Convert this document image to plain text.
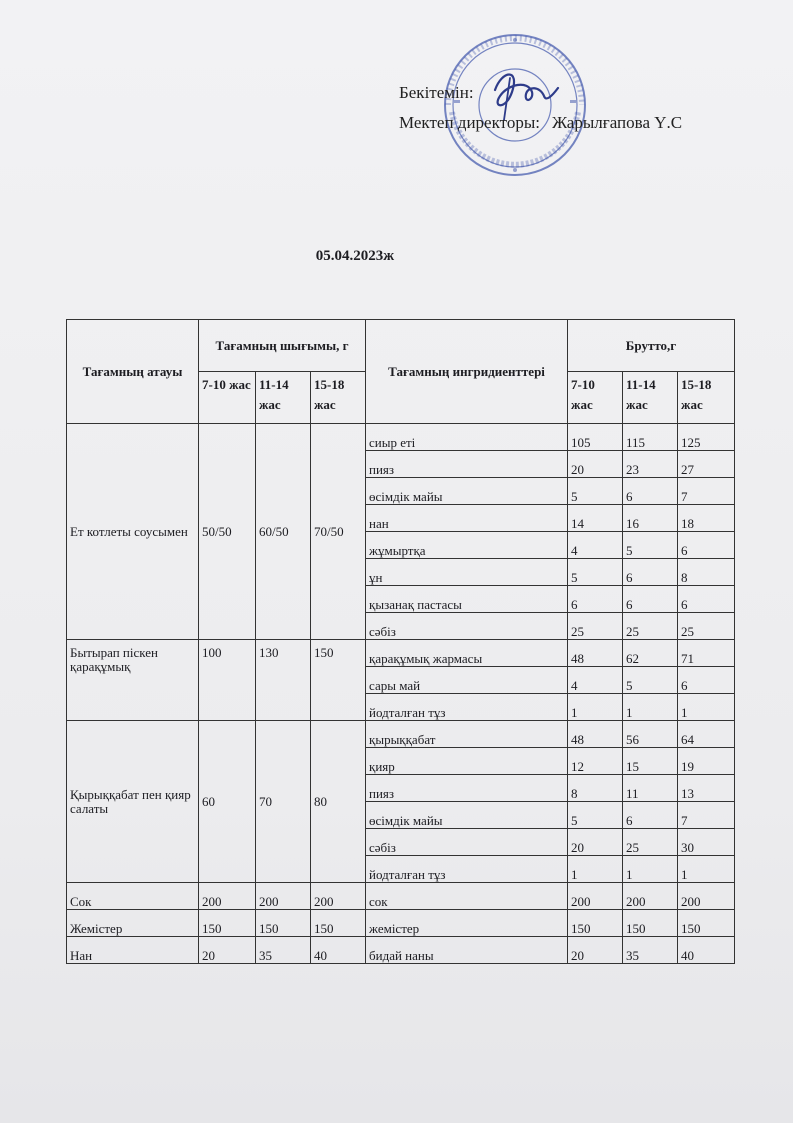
Бекітемін:
Мектеп директоры: Жарылғапова Ү.С
05.04.2023ж
Тағамның атауы	Тағамның шығымы, г			Тағамның ингридиенттері	Брутто,г		
	7-10 жас	11-14 жас	15-18 жас		7-10 жас	11-14 жас	15-18 жас
Ет котлеты соусымен	50/50	60/50	70/50	сиыр еті	105	115	125
				пияз	20	23	27
				өсімдік майы	5	6	7
				нан	14	16	18
				жұмыртқа	4	5	6
				ұн	5	6	8
				қызанақ пастасы	6	6	6
				сәбіз	25	25	25
Бытырап піскен қарақұмық	100	130	150	қарақұмық жармасы	48	62	71
				сары май	4	5	6
				йодталған тұз	1	1	1
Қырыққабат пен қияр салаты	60	70	80	қырыққабат	48	56	64
				қияр	12	15	19
				пияз	8	11	13
				өсімдік майы	5	6	7
				сәбіз	20	25	30
				йодталған тұз	1	1	1
Сок	200	200	200	сок	200	200	200
Жемістер	150	150	150	жемістер	150	150	150
Нан	20	35	40	бидай наны	20	35	40
